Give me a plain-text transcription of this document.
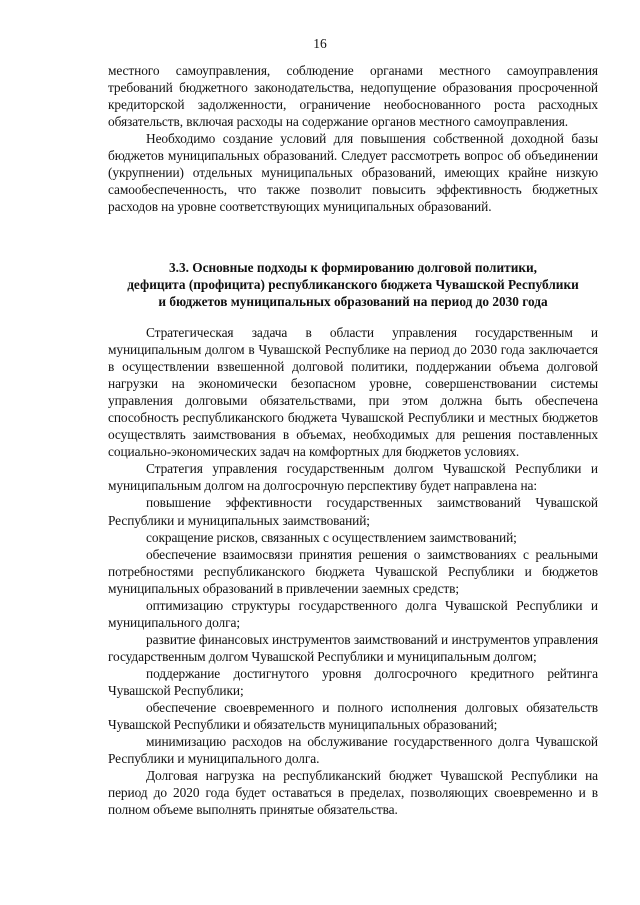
16

местного самоуправления, соблюдение органами местного самоуправления требований бюджетного законодательства, недопущение образования просроченной кредиторской задолженности, ограничение необоснованного роста расходных обязательств, включая расходы на содержание органов местного самоуправления.

Необходимо создание условий для повышения собственной доходной базы бюджетов муниципальных образований. Следует рассмотреть вопрос об объединении (укрупнении) отдельных муниципальных образований, имеющих крайне низкую самообеспеченность, что также позволит повысить эффективность бюджетных расходов на уровне соответствующих муниципальных образований.

3.3. Основные подходы к формированию долговой политики,
дефицита (профицита) республиканского бюджета Чувашской Республики
и бюджетов муниципальных образований на период до 2030 года

Стратегическая задача в области управления государственным и муниципальным долгом в Чувашской Республике на период до 2030 года заключается в осуществлении взвешенной долговой политики, поддержании объема долговой нагрузки на экономически безопасном уровне, совершенствовании системы управления долговыми обязательствами, при этом должна быть обеспечена способность республиканского бюджета Чувашской Республики и местных бюджетов осуществлять заимствования в объемах, необходимых для решения поставленных социально-экономических задач на комфортных для бюджетов условиях.

Стратегия управления государственным долгом Чувашской Республики и муниципальным долгом на долгосрочную перспективу будет направлена на:

повышение эффективности государственных заимствований Чувашской Республики и муниципальных заимствований;

сокращение рисков, связанных с осуществлением заимствований;

обеспечение взаимосвязи принятия решения о заимствованиях с реальными потребностями республиканского бюджета Чувашской Республики и бюджетов муниципальных образований в привлечении заемных средств;

оптимизацию структуры государственного долга Чувашской Республики и муниципального долга;

развитие финансовых инструментов заимствований и инструментов управления государственным долгом Чувашской Республики и муниципальным долгом;

поддержание достигнутого уровня долгосрочного кредитного рейтинга Чувашской Республики;

обеспечение своевременного и полного исполнения долговых обязательств Чувашской Республики и обязательств муниципальных образований;

минимизацию расходов на обслуживание государственного долга Чувашской Республики и муниципального долга.

Долговая нагрузка на республиканский бюджет Чувашской Республики на период до 2020 года будет оставаться в пределах, позволяющих своевременно и в полном объеме выполнять принятые обязательства.
